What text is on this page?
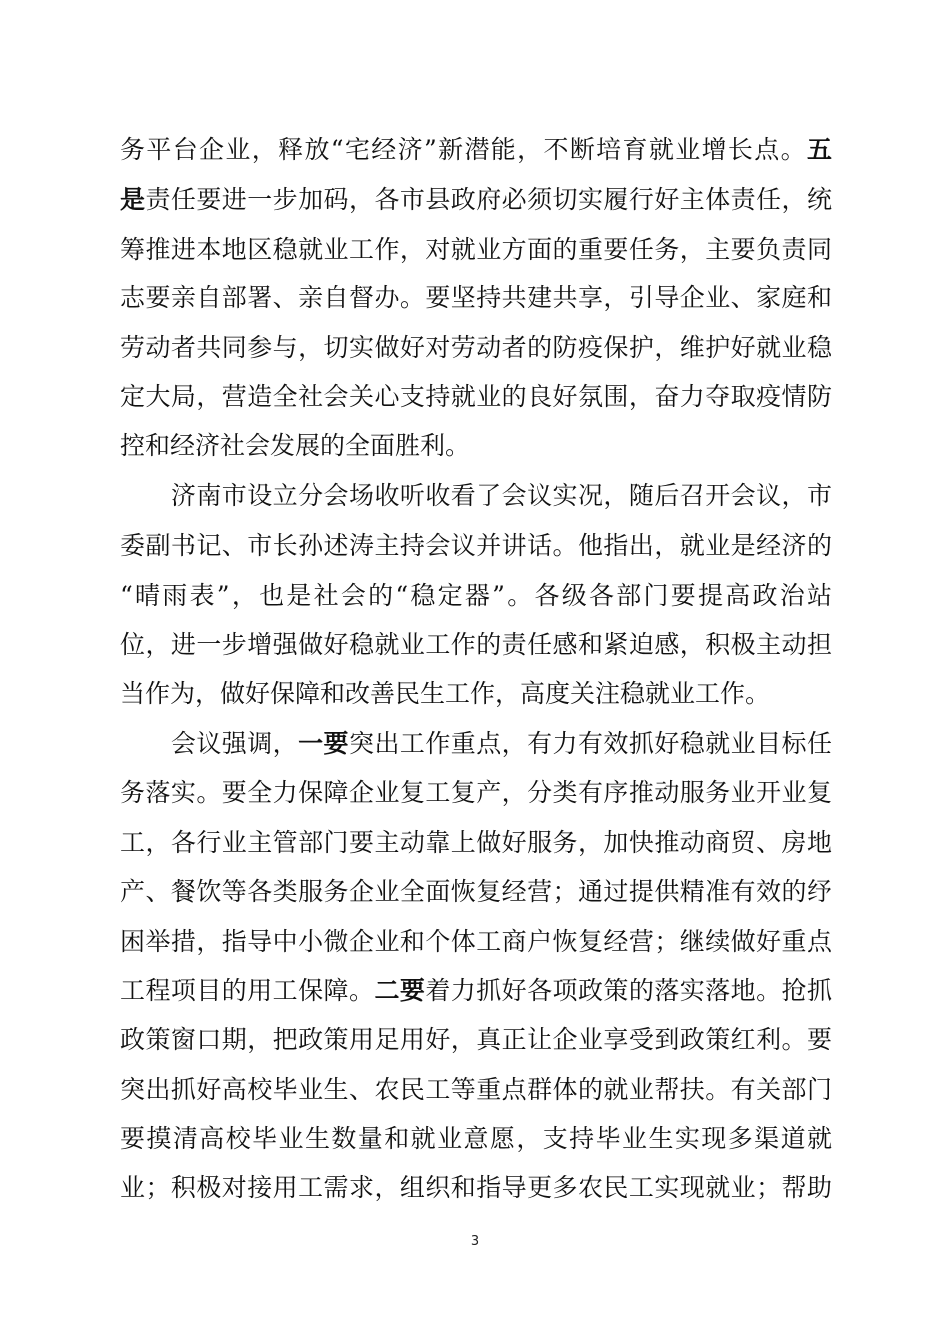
务平台企业，释放“宅经济”新潜能，不断培育就业增长点。五
是责任要进一步加码，各市县政府必须切实履行好主体责任，统
筹推进本地区稳就业工作，对就业方面的重要任务，主要负责同
志要亲自部署、亲自督办。要坚持共建共享，引导企业、家庭和
劳动者共同参与，切实做好对劳动者的防疫保护，维护好就业稳
定大局，营造全社会关心支持就业的良好氛围，奋力夺取疫情防
控和经济社会发展的全面胜利。
　　济南市设立分会场收听收看了会议实况，随后召开会议，市
委副书记、市长孙述涛主持会议并讲话。他指出，就业是经济的
“晴雨表”，也是社会的“稳定器”。各级各部门要提高政治站
位，进一步增强做好稳就业工作的责任感和紧迫感，积极主动担
当作为，做好保障和改善民生工作，高度关注稳就业工作。
　　会议强调，一要突出工作重点，有力有效抓好稳就业目标任
务落实。要全力保障企业复工复产，分类有序推动服务业开业复
工，各行业主管部门要主动靠上做好服务，加快推动商贸、房地
产、餐饮等各类服务企业全面恢复经营；通过提供精准有效的纾
困举措，指导中小微企业和个体工商户恢复经营；继续做好重点
工程项目的用工保障。二要着力抓好各项政策的落实落地。抢抓
政策窗口期，把政策用足用好，真正让企业享受到政策红利。要
突出抓好高校毕业生、农民工等重点群体的就业帮扶。有关部门
要摸清高校毕业生数量和就业意愿，支持毕业生实现多渠道就
业；积极对接用工需求，组织和指导更多农民工实现就业；帮助
3
